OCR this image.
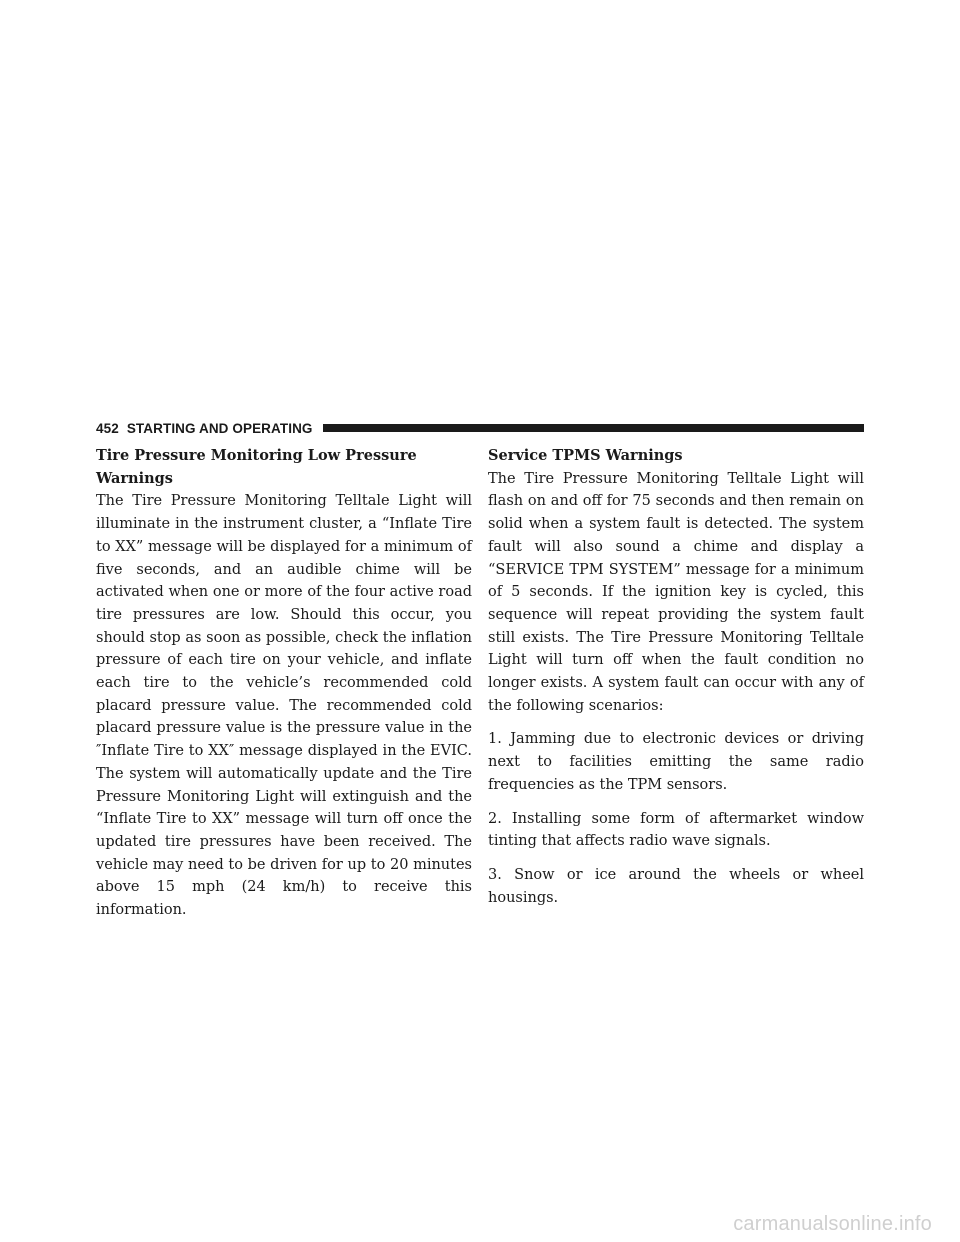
452 STARTING AND OPERATING
Tire Pressure Monitoring Low Pressure Warnings

The Tire Pressure Monitoring Telltale Light will illuminate in the instrument cluster, a “Inflate Tire to XX” message will be displayed for a minimum of five seconds, and an audible chime will be activated when one or more of the four active road tire pressures are low. Should this occur, you should stop as soon as possible, check the inflation pressure of each tire on your vehicle, and inflate each tire to the vehicle’s recommended cold placard pressure value. The recommended cold placard pressure value is the pressure value in the ″Inflate Tire to XX″ message displayed in the EVIC. The system will automatically update and the Tire Pressure Monitoring Light will extinguish and the “Inflate Tire to XX” message will turn off once the updated tire pressures have been received. The vehicle may need to be driven for up to 20 minutes above 15 mph (24 km/h) to receive this information.

Service TPMS Warnings

The Tire Pressure Monitoring Telltale Light will flash on and off for 75 seconds and then remain on solid when a system fault is detected. The system fault will also sound a chime and display a “SERVICE TPM SYSTEM” message for a minimum of 5 seconds. If the ignition key is cycled, this sequence will repeat providing the system fault still exists. The Tire Pressure Monitoring Telltale Light will turn off when the fault condition no longer exists. A system fault can occur with any of the following scenarios:

1. Jamming due to electronic devices or driving next to facilities emitting the same radio frequencies as the TPM sensors.

2. Installing some form of aftermarket window tinting that affects radio wave signals.

3. Snow or ice around the wheels or wheel housings.

carmanualsonline.info
